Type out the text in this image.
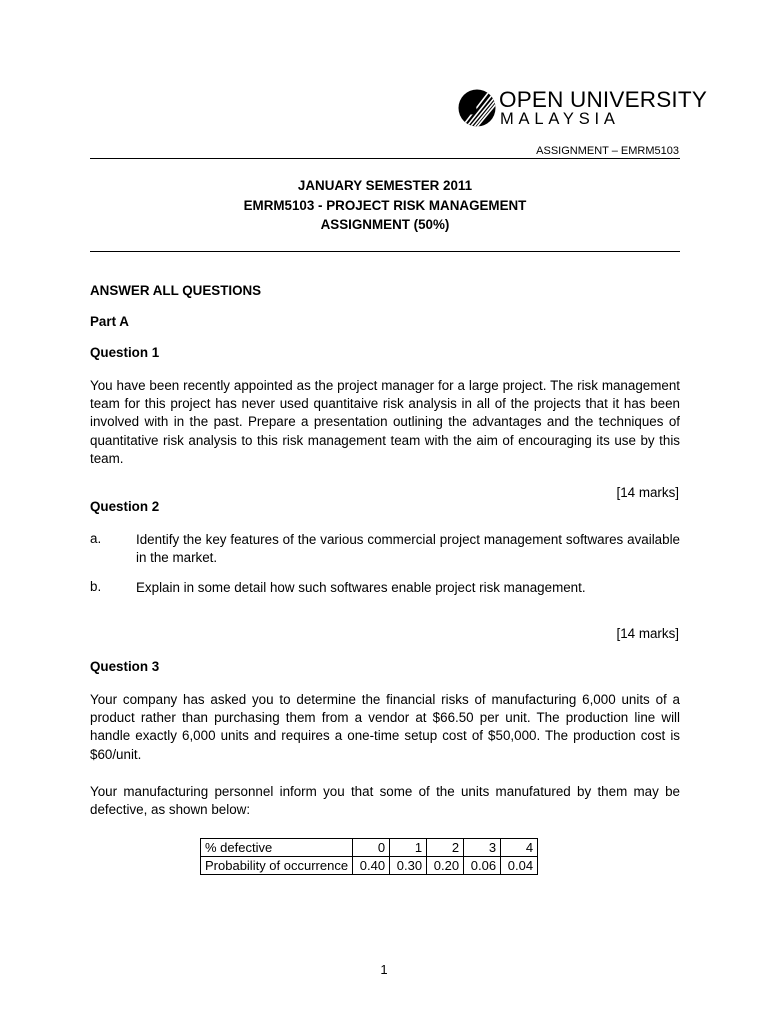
OPEN UNIVERSITY
MALAYSIA
ASSIGNMENT – EMRM5103
JANUARY SEMESTER 2011
EMRM5103 - PROJECT RISK MANAGEMENT
ASSIGNMENT (50%)
ANSWER ALL QUESTIONS
Part A
Question 1
You have been recently appointed as the project manager for a large project. The risk management team for this project has never used quantitaive risk analysis in all of the projects that it has been involved with in the past. Prepare a presentation outlining the advantages and the techniques of quantitative risk analysis to this risk management team with the aim of encouraging its use by this team.
[14 marks]
Question 2
a.	Identify the key features of the various commercial project management softwares available in the market.
b.	Explain in some detail how such softwares enable project risk management.
[14 marks]
Question 3
Your company has asked you to determine the financial risks of manufacturing 6,000 units of a product rather than purchasing them from a vendor at $66.50 per unit. The production line will handle exactly 6,000 units and requires a one-time setup cost of $50,000. The production cost is $60/unit.
Your manufacturing personnel inform you that some of the units manufatured by them may be defective, as shown below:
% defective	0	1	2	3	4
Probability of occurrence	0.40	0.30	0.20	0.06	0.04
1
